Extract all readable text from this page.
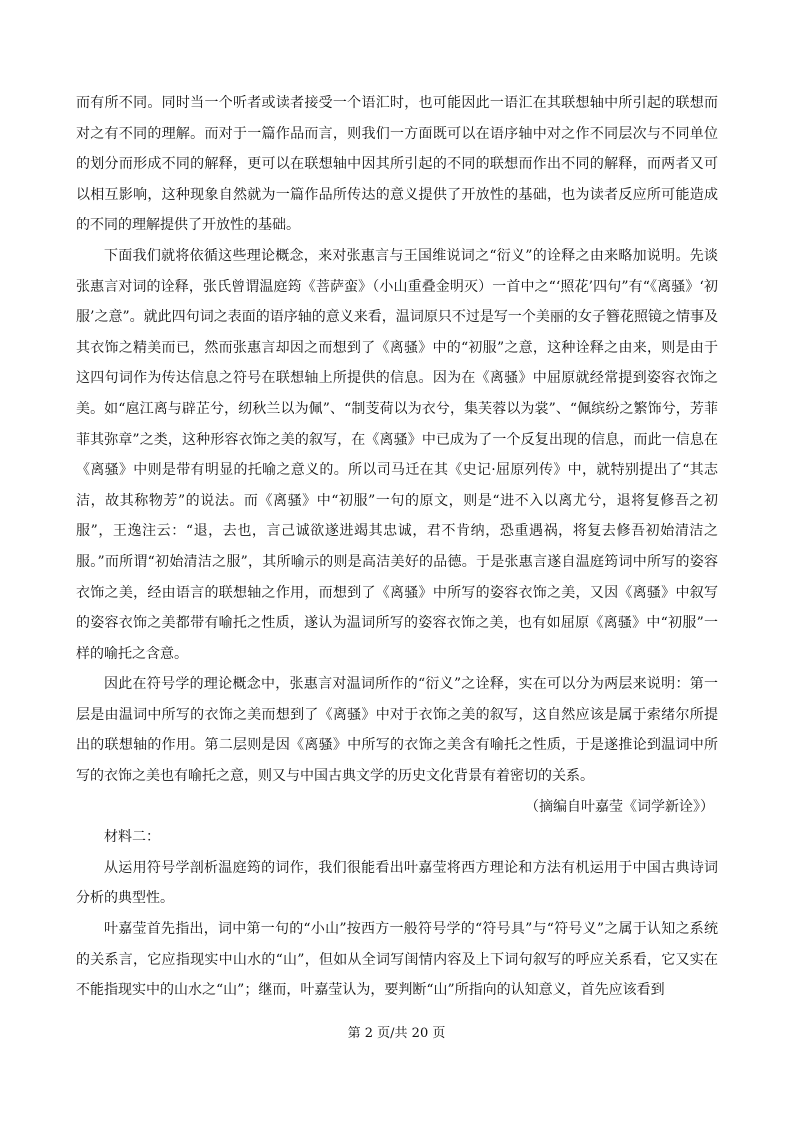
而有所不同。同时当一个听者或读者接受一个语汇时，也可能因此一语汇在其联想轴中所引起的联想而对之有不同的理解。而对于一篇作品而言，则我们一方面既可以在语序轴中对之作不同层次与不同单位的划分而形成不同的解释，更可以在联想轴中因其所引起的不同的联想而作出不同的解释，而两者又可以相互影响，这种现象自然就为一篇作品所传达的意义提供了开放性的基础，也为读者反应所可能造成的不同的理解提供了开放性的基础。

下面我们就将依循这些理论概念，来对张惠言与王国维说词之“衍义”的诠释之由来略加说明。先谈张惠言对词的诠释，张氏曾谓温庭筠《菩萨蛮》（小山重叠金明灭）一首中之“‘照花’四句”有“《离骚》‘初服’之意”。就此四句词之表面的语序轴的意义来看，温词原只不过是写一个美丽的女子簪花照镜之情事及其衣饰之精美而已，然而张惠言却因之而想到了《离骚》中的“初服”之意，这种诠释之由来，则是由于这四句词作为传达信息之符号在联想轴上所提供的信息。因为在《离骚》中屈原就经常提到姿容衣饰之美。如“扈江离与辟芷兮，纫秋兰以为佩”、“制芰荷以为衣兮，集芙蓉以为裳”、“佩缤纷之繁饰兮，芳菲菲其弥章”之类，这种形容衣饰之美的叙写，在《离骚》中已成为了一个反复出现的信息，而此一信息在《离骚》中则是带有明显的托喻之意义的。所以司马迁在其《史记·屈原列传》中，就特别提出了“其志洁，故其称物芳”的说法。而《离骚》中“初服”一句的原文，则是“进不入以离尤兮，退将复修吾之初服”，王逸注云：“退，去也，言己诚欲遂进竭其忠诚，君不肯纳，恐重遇祸，将复去修吾初始清洁之服。”而所谓“初始清洁之服”，其所喻示的则是高洁美好的品德。于是张惠言遂自温庭筠词中所写的姿容衣饰之美，经由语言的联想轴之作用，而想到了《离骚》中所写的姿容衣饰之美，又因《离骚》中叙写的姿容衣饰之美都带有喻托之性质，遂认为温词所写的姿容衣饰之美，也有如屈原《离骚》中“初服”一样的喻托之含意。

因此在符号学的理论概念中，张惠言对温词所作的“衍义”之诠释，实在可以分为两层来说明：第一层是由温词中所写的衣饰之美而想到了《离骚》中对于衣饰之美的叙写，这自然应该是属于索绪尔所提出的联想轴的作用。第二层则是因《离骚》中所写的衣饰之美含有喻托之性质，于是遂推论到温词中所写的衣饰之美也有喻托之意，则又与中国古典文学的历史文化背景有着密切的关系。

（摘编自叶嘉莹《词学新诠》）

材料二：

从运用符号学剖析温庭筠的词作，我们很能看出叶嘉莹将西方理论和方法有机运用于中国古典诗词分析的典型性。

叶嘉莹首先指出，词中第一句的“小山”按西方一般符号学的“符号具”与“符号义”之属于认知之系统的关系言，它应指现实中山水的“山”，但如从全词写闺情内容及上下词句叙写的呼应关系看，它又实在不能指现实中的山水之“山”；继而，叶嘉莹认为，要判断“山”所指向的认知意义，首先应该看到

第 2 页/共 20 页
